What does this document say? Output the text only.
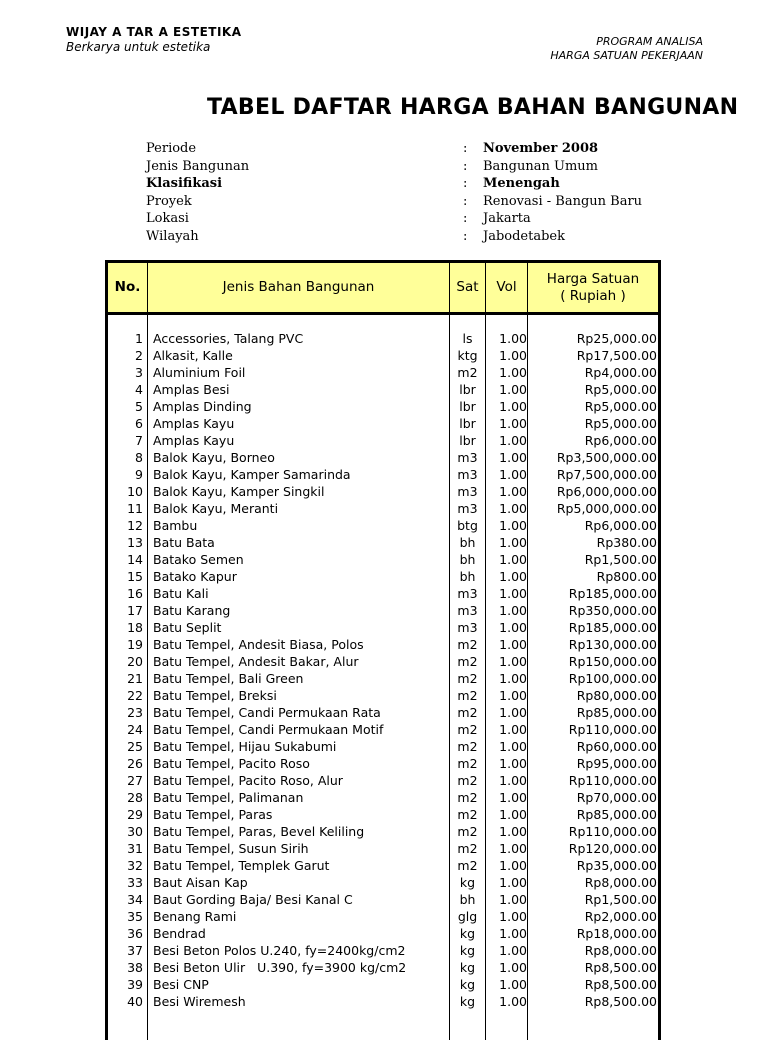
WIJAY A TAR A ESTETIKA
Berkarya untuk estetika	PROGRAM ANALISA
HARGA SATUAN PEKERJAAN
TABEL DAFTAR HARGA BAHAN BANGUNAN
Periode	: November 2008
Jenis Bangunan	: Bangunan Umum
Klasifikasi	: Menengah
Proyek	: Renovasi - Bangun Baru
Lokasi	: Jakarta
Wilayah	: Jabodetabek
No.	Jenis Bahan Bangunan	Sat	Vol
Harga Satuan
( Rupiah )
1 Accessories, Talang PVC	ls	1.00	Rp25,000.00
2 Alkasit, Kalle	ktg	1.00	Rp17,500.00
3 Aluminium Foil	m2	1.00	Rp4,000.00
4 Amplas Besi	lbr	1.00	Rp5,000.00
5 Amplas Dinding	lbr	1.00	Rp5,000.00
6 Amplas Kayu	lbr	1.00	Rp5,000.00
7 Amplas Kayu	lbr	1.00	Rp6,000.00
8 Balok Kayu, Borneo	m3	1.00	Rp3,500,000.00
9 Balok Kayu, Kamper Samarinda	m3	1.00	Rp7,500,000.00
10 Balok Kayu, Kamper Singkil	m3	1.00	Rp6,000,000.00
11 Balok Kayu, Meranti	m3	1.00	Rp5,000,000.00
12 Bambu	btg	1.00	Rp6,000.00
13 Batu Bata	bh	1.00	Rp380.00
14 Batako Semen	bh	1.00	Rp1,500.00
15 Batako Kapur	bh	1.00	Rp800.00
16 Batu Kali	m3	1.00	Rp185,000.00
17 Batu Karang	m3	1.00	Rp350,000.00
18 Batu Seplit	m3	1.00	Rp185,000.00
19 Batu Tempel, Andesit Biasa, Polos	m2	1.00	Rp130,000.00
20 Batu Tempel, Andesit Bakar, Alur	m2	1.00	Rp150,000.00
21 Batu Tempel, Bali Green	m2	1.00	Rp100,000.00
22 Batu Tempel, Breksi	m2	1.00	Rp80,000.00
23 Batu Tempel, Candi Permukaan Rata	m2	1.00	Rp85,000.00
24 Batu Tempel, Candi Permukaan Motif	m2	1.00	Rp110,000.00
25 Batu Tempel, Hijau Sukabumi	m2	1.00	Rp60,000.00
26 Batu Tempel, Pacito Roso	m2	1.00	Rp95,000.00
27 Batu Tempel, Pacito Roso, Alur	m2	1.00	Rp110,000.00
28 Batu Tempel, Palimanan	m2	1.00	Rp70,000.00
29 Batu Tempel, Paras	m2	1.00	Rp85,000.00
30 Batu Tempel, Paras, Bevel Keliling	m2	1.00	Rp110,000.00
31 Batu Tempel, Susun Sirih	m2	1.00	Rp120,000.00
32 Batu Tempel, Templek Garut	m2	1.00	Rp35,000.00
33 Baut Aisan Kap	kg	1.00	Rp8,000.00
34 Baut Gording Baja/ Besi Kanal C	bh	1.00	Rp1,500.00
35 Benang Rami	glg	1.00	Rp2,000.00
36 Bendrad	kg	1.00	Rp18,000.00
37 Besi Beton Polos U.240, fy=2400kg/cm2	kg	1.00	Rp8,000.00
38 Besi Beton Ulir   U.390, fy=3900 kg/cm2	kg	1.00	Rp8,500.00
39 Besi CNP	kg	1.00	Rp8,500.00
40 Besi Wiremesh	kg	1.00	Rp8,500.00
